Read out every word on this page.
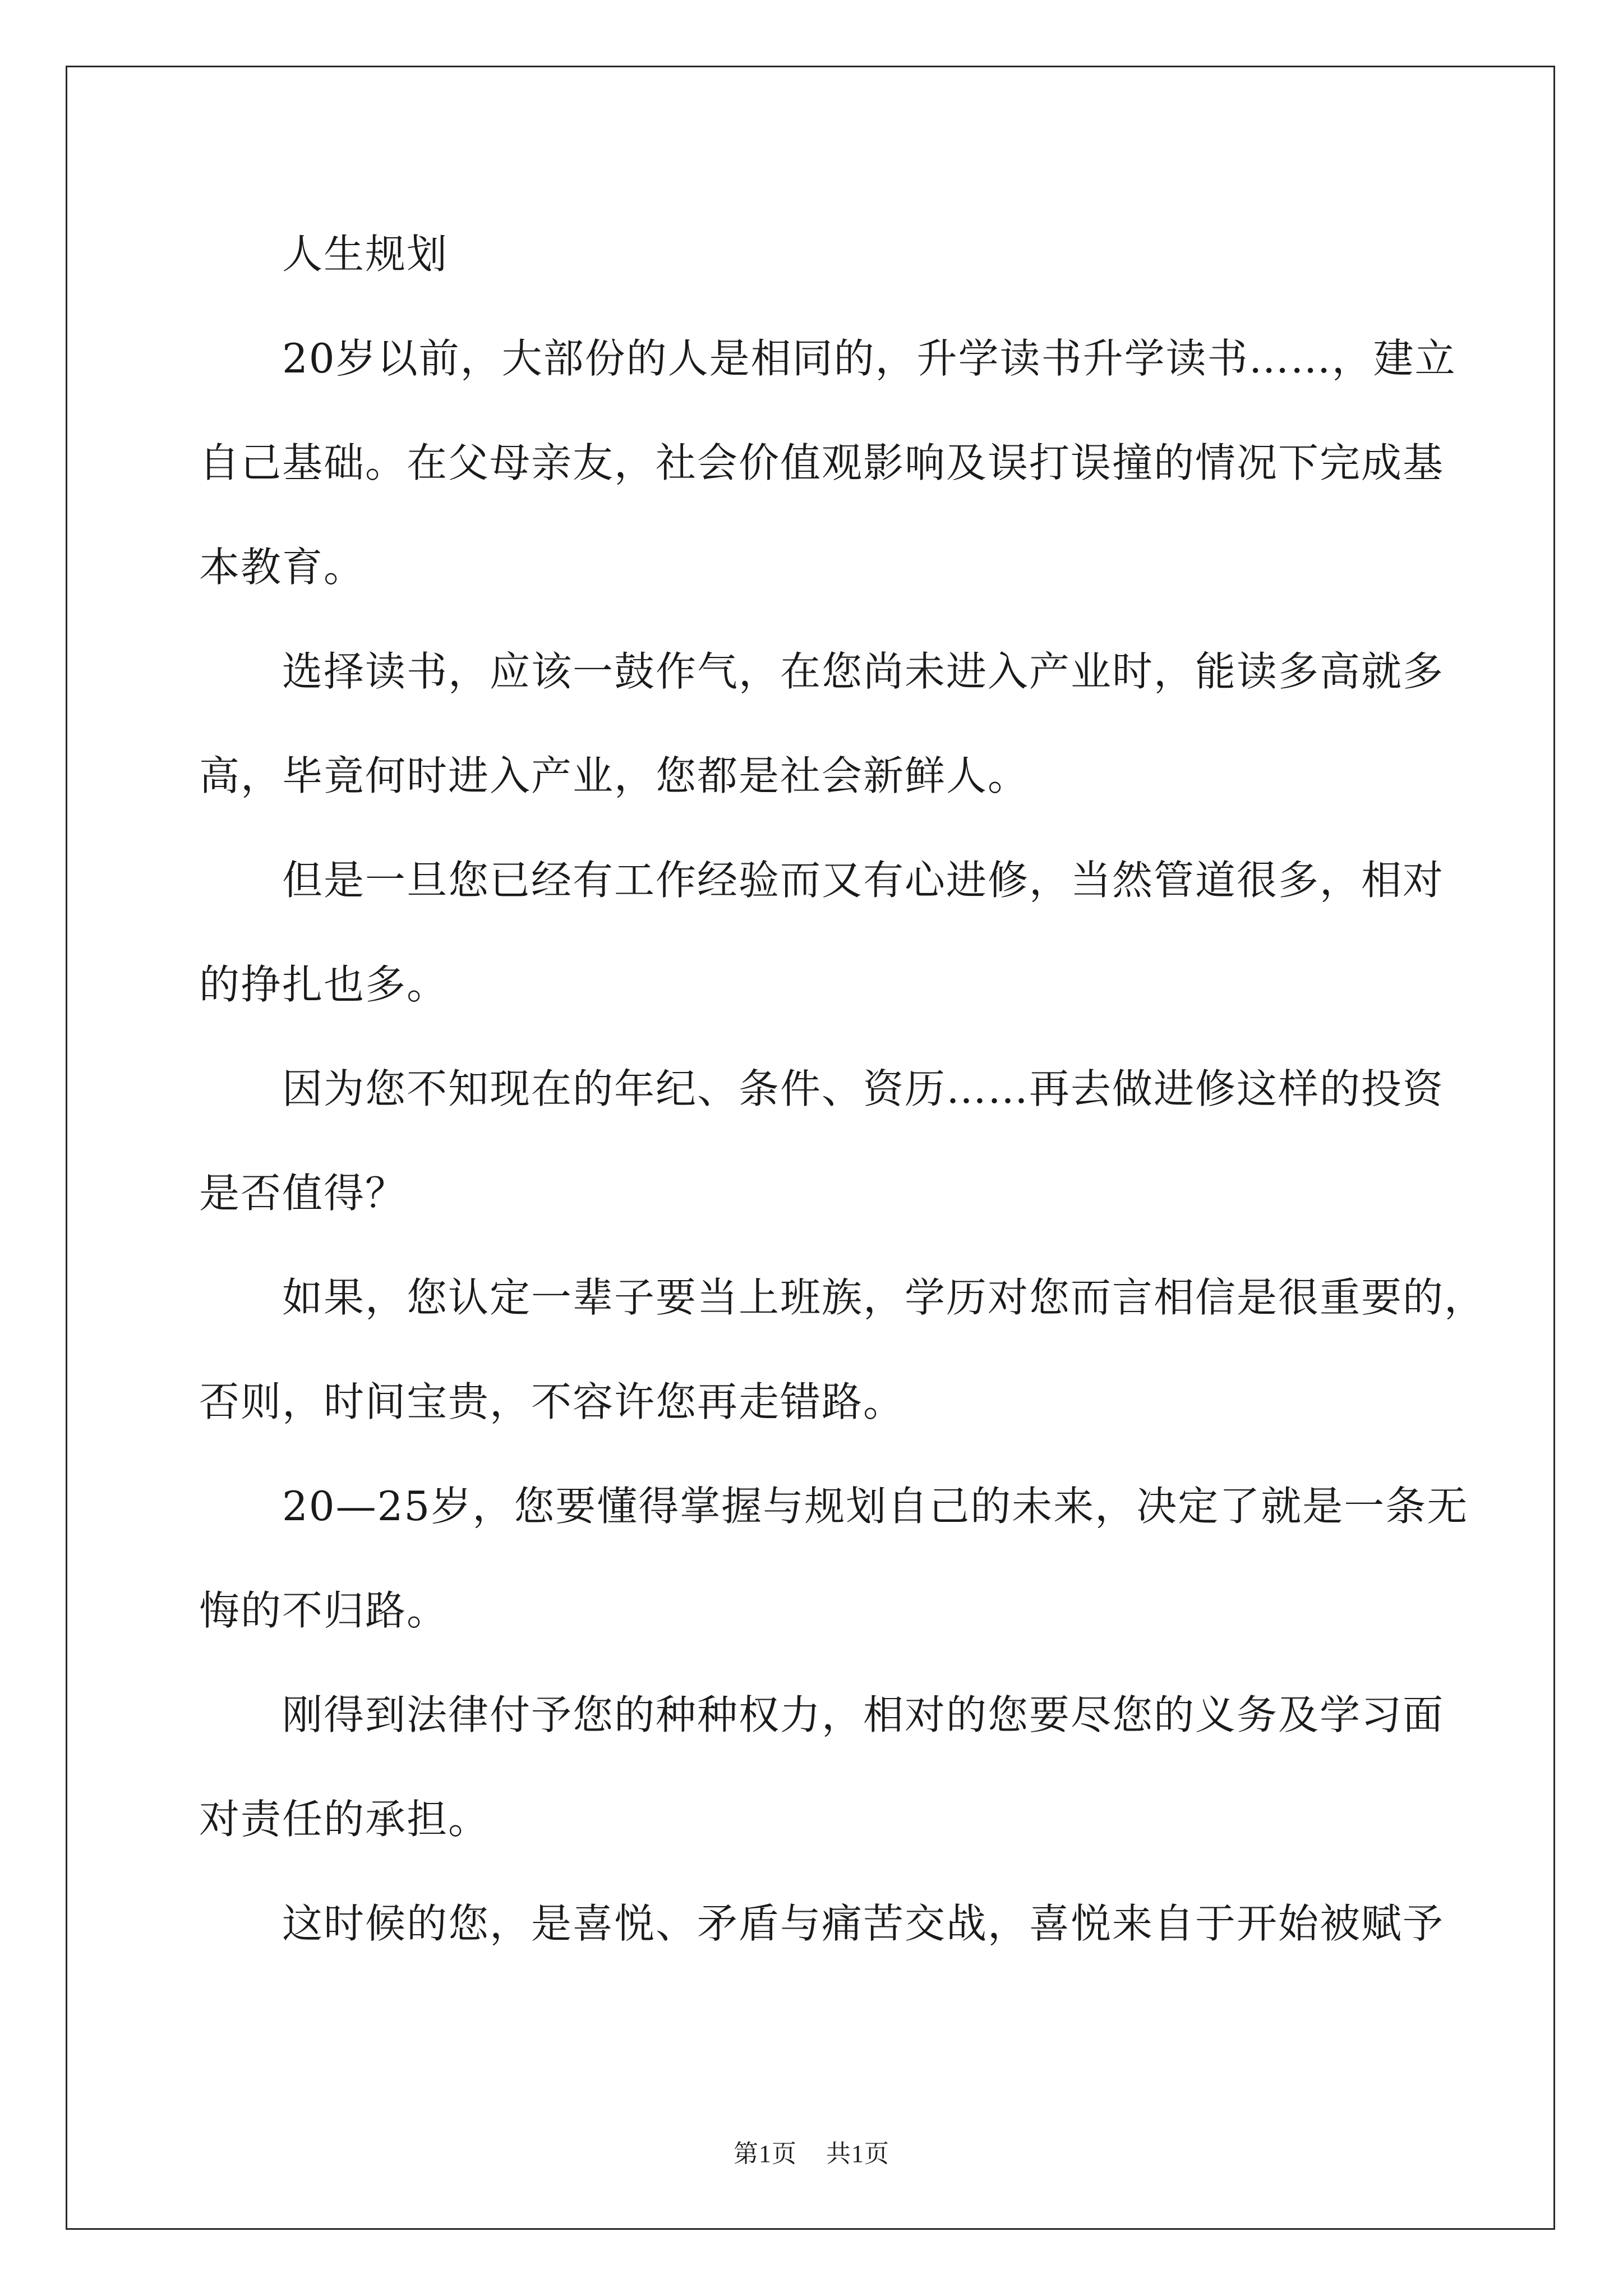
人生规划
20岁以前，大部份的人是相同的，升学读书升学读书……，建立
自己基础。在父母亲友，社会价值观影响及误打误撞的情况下完成基
本教育。
选择读书，应该一鼓作气，在您尚未进入产业时，能读多高就多
高，毕竟何时进入产业，您都是社会新鲜人。
但是一旦您已经有工作经验而又有心进修，当然管道很多，相对
的挣扎也多。
因为您不知现在的年纪、条件、资历……再去做进修这样的投资
是否值得？
如果，您认定一辈子要当上班族，学历对您而言相信是很重要的，
否则，时间宝贵，不容许您再走错路。
20—25岁，您要懂得掌握与规划自己的未来，决定了就是一条无
悔的不归路。
刚得到法律付予您的种种权力，相对的您要尽您的义务及学习面
对责任的承担。
这时候的您，是喜悦、矛盾与痛苦交战，喜悦来自于开始被赋予
第1页 共1页
